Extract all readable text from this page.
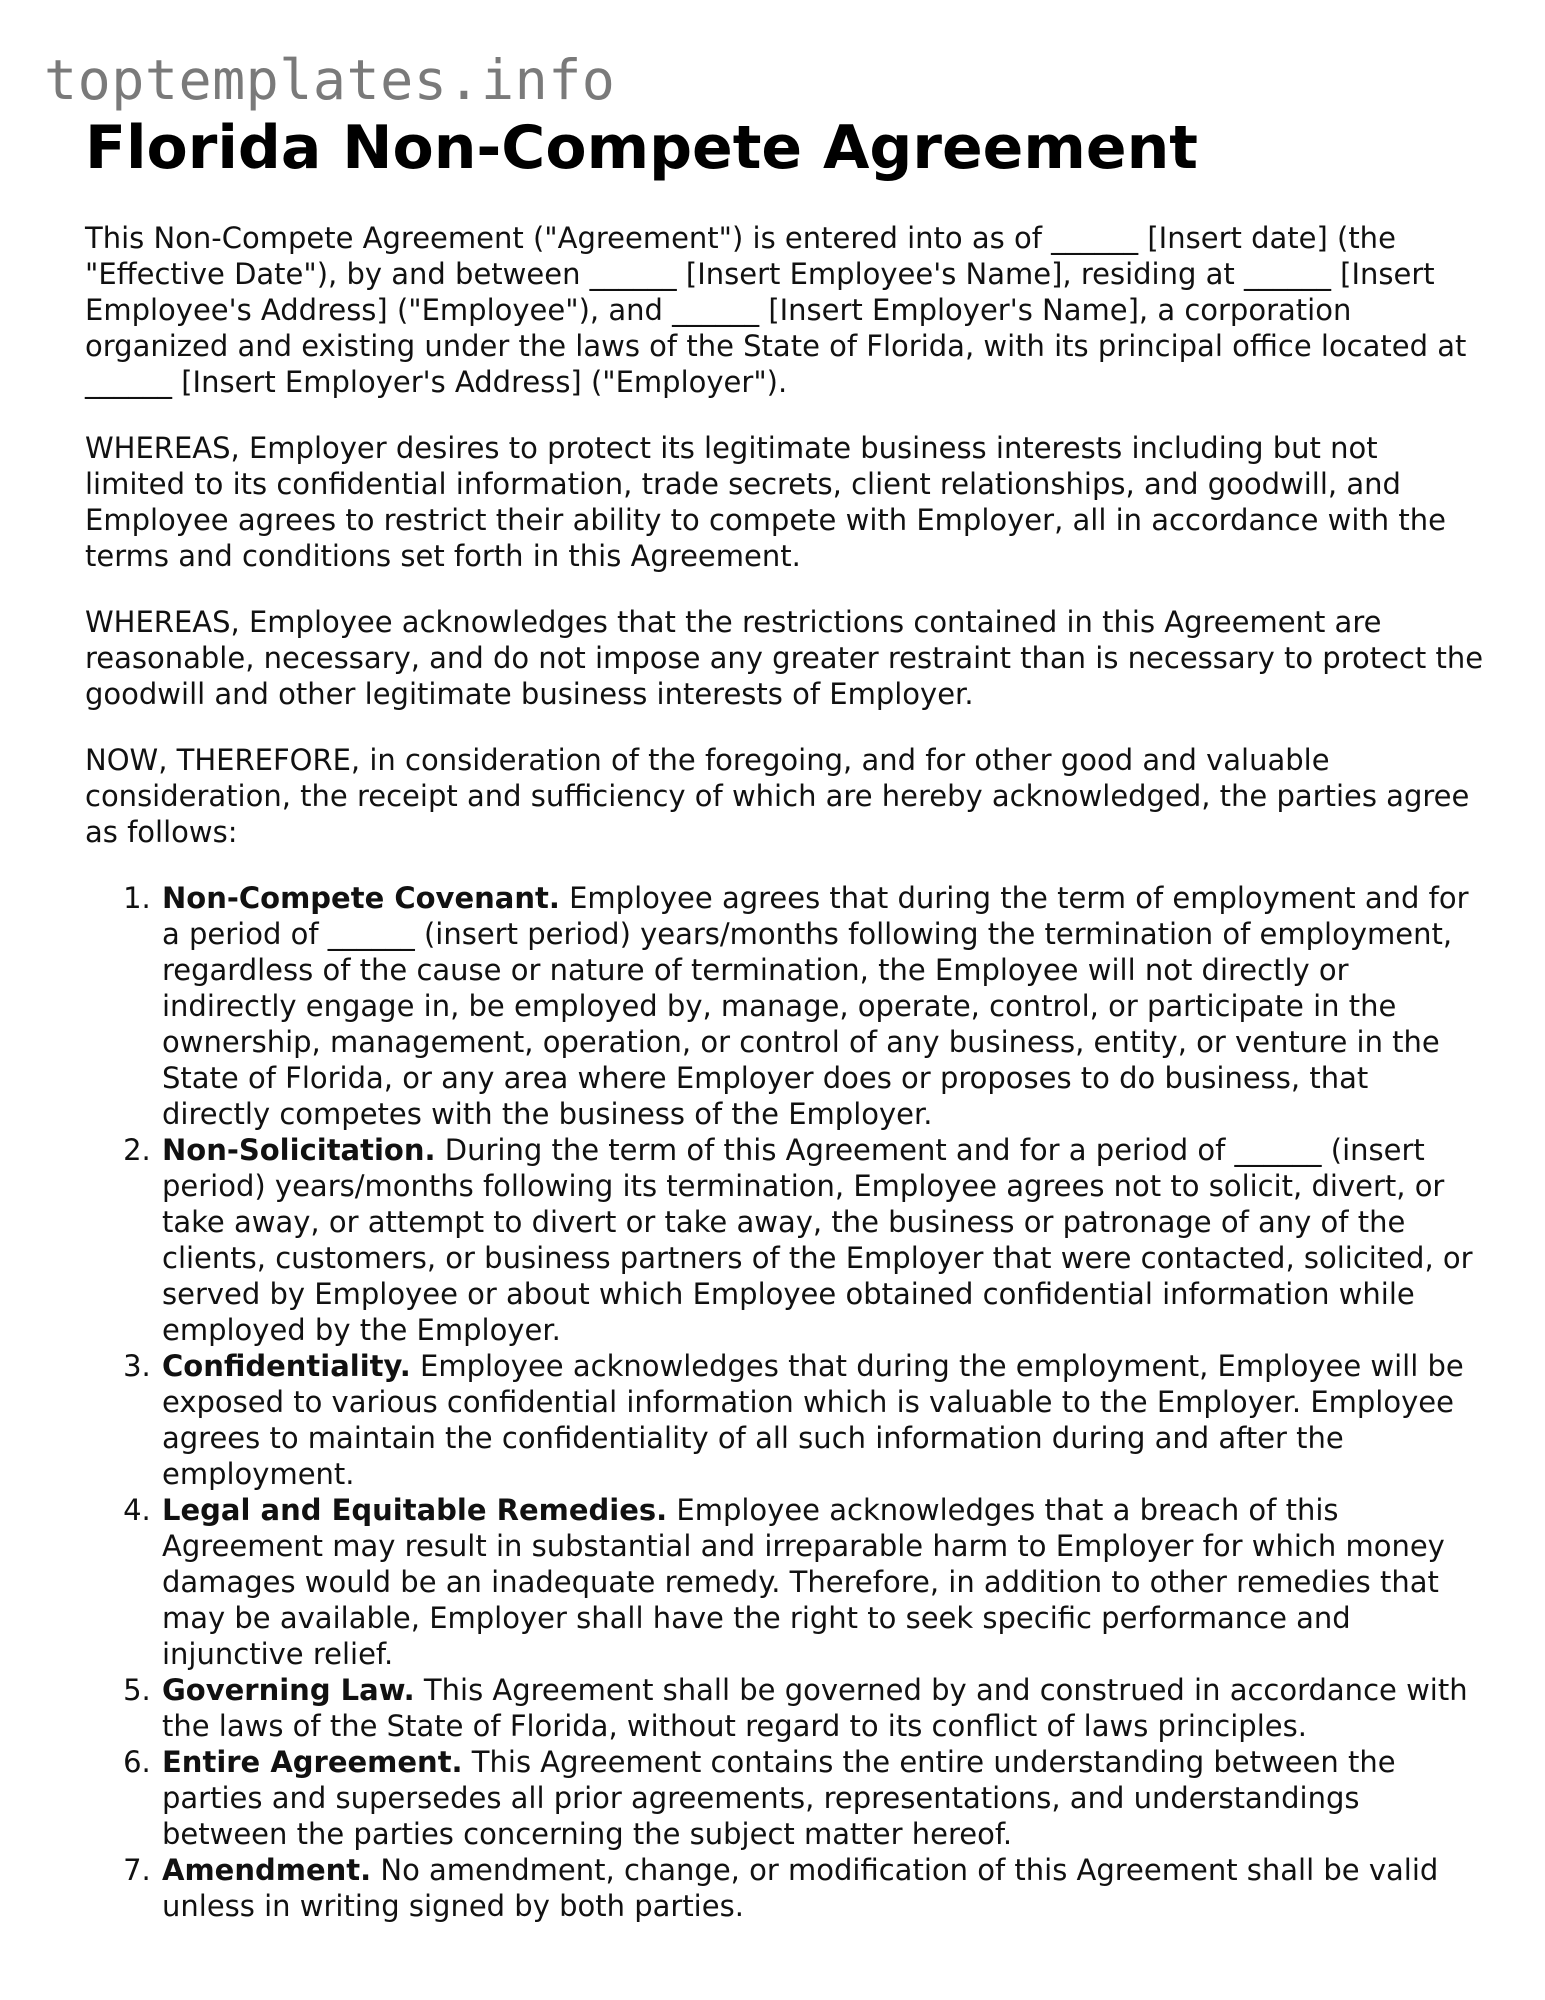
toptemplates.info
Florida Non-Compete Agreement

This Non-Compete Agreement ("Agreement") is entered into as of ______ [Insert date] (the "Effective Date"), by and between ______ [Insert Employee's Name], residing at ______ [Insert Employee's Address] ("Employee"), and ______ [Insert Employer's Name], a corporation organized and existing under the laws of the State of Florida, with its principal office located at ______ [Insert Employer's Address] ("Employer").

WHEREAS, Employer desires to protect its legitimate business interests including but not limited to its confidential information, trade secrets, client relationships, and goodwill, and Employee agrees to restrict their ability to compete with Employer, all in accordance with the terms and conditions set forth in this Agreement.

WHEREAS, Employee acknowledges that the restrictions contained in this Agreement are reasonable, necessary, and do not impose any greater restraint than is necessary to protect the goodwill and other legitimate business interests of Employer.

NOW, THEREFORE, in consideration of the foregoing, and for other good and valuable consideration, the receipt and sufficiency of which are hereby acknowledged, the parties agree as follows:

1. Non-Compete Covenant. Employee agrees that during the term of employment and for a period of ______ (insert period) years/months following the termination of employment, regardless of the cause or nature of termination, the Employee will not directly or indirectly engage in, be employed by, manage, operate, control, or participate in the ownership, management, operation, or control of any business, entity, or venture in the State of Florida, or any area where Employer does or proposes to do business, that directly competes with the business of the Employer.
2. Non-Solicitation. During the term of this Agreement and for a period of ______ (insert period) years/months following its termination, Employee agrees not to solicit, divert, or take away, or attempt to divert or take away, the business or patronage of any of the clients, customers, or business partners of the Employer that were contacted, solicited, or served by Employee or about which Employee obtained confidential information while employed by the Employer.
3. Confidentiality. Employee acknowledges that during the employment, Employee will be exposed to various confidential information which is valuable to the Employer. Employee agrees to maintain the confidentiality of all such information during and after the employment.
4. Legal and Equitable Remedies. Employee acknowledges that a breach of this Agreement may result in substantial and irreparable harm to Employer for which money damages would be an inadequate remedy. Therefore, in addition to other remedies that may be available, Employer shall have the right to seek specific performance and injunctive relief.
5. Governing Law. This Agreement shall be governed by and construed in accordance with the laws of the State of Florida, without regard to its conflict of laws principles.
6. Entire Agreement. This Agreement contains the entire understanding between the parties and supersedes all prior agreements, representations, and understandings between the parties concerning the subject matter hereof.
7. Amendment. No amendment, change, or modification of this Agreement shall be valid unless in writing signed by both parties.
